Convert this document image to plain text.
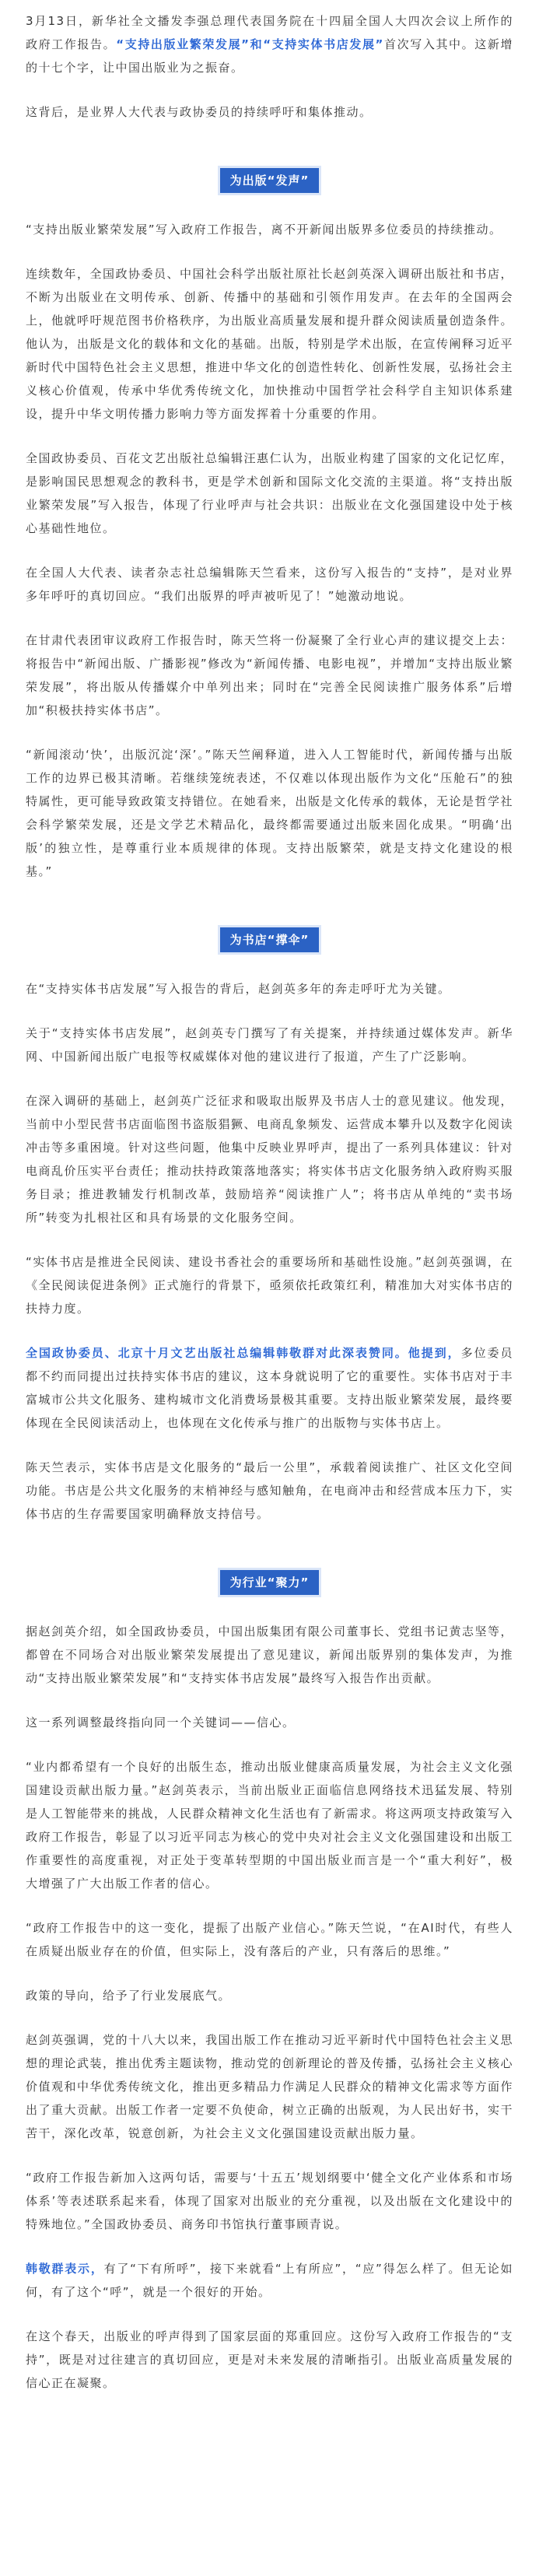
3月13日，新华社全文播发李强总理代表国务院在十四届全国人大四次会议上所作的政府工作报告。“支持出版业繁荣发展”和“支持实体书店发展”首次写入其中。这新增的十七个字，让中国出版业为之振奋。

这背后，是业界人大代表与政协委员的持续呼吁和集体推动。

为出版“发声”

“支持出版业繁荣发展”写入政府工作报告，离不开新闻出版界多位委员的持续推动。

连续数年，全国政协委员、中国社会科学出版社原社长赵剑英深入调研出版社和书店，不断为出版业在文明传承、创新、传播中的基础和引领作用发声。在去年的全国两会上，他就呼吁规范图书价格秩序，为出版业高质量发展和提升群众阅读质量创造条件。他认为，出版是文化的载体和文化的基础。出版，特别是学术出版，在宣传阐释习近平新时代中国特色社会主义思想，推进中华文化的创造性转化、创新性发展，弘扬社会主义核心价值观，传承中华优秀传统文化，加快推动中国哲学社会科学自主知识体系建设，提升中华文明传播力影响力等方面发挥着十分重要的作用。

全国政协委员、百花文艺出版社总编辑汪惠仁认为，出版业构建了国家的文化记忆库，是影响国民思想观念的教科书，更是学术创新和国际文化交流的主渠道。将“支持出版业繁荣发展”写入报告，体现了行业呼声与社会共识：出版业在文化强国建设中处于核心基础性地位。

在全国人大代表、读者杂志社总编辑陈天竺看来，这份写入报告的“支持”，是对业界多年呼吁的真切回应。“我们出版界的呼声被听见了！”她激动地说。

在甘肃代表团审议政府工作报告时，陈天竺将一份凝聚了全行业心声的建议提交上去：将报告中“新闻出版、广播影视”修改为“新闻传播、电影电视”，并增加“支持出版业繁荣发展”，将出版从传播媒介中单列出来；同时在“完善全民阅读推广服务体系”后增加“积极扶持实体书店”。

“新闻滚动‘快’，出版沉淀‘深’。”陈天竺阐释道，进入人工智能时代，新闻传播与出版工作的边界已极其清晰。若继续笼统表述，不仅难以体现出版作为文化“压舱石”的独特属性，更可能导致政策支持错位。在她看来，出版是文化传承的载体，无论是哲学社会科学繁荣发展，还是文学艺术精品化，最终都需要通过出版来固化成果。“明确‘出版’的独立性，是尊重行业本质规律的体现。支持出版繁荣，就是支持文化建设的根基。”

为书店“撑伞”

在“支持实体书店发展”写入报告的背后，赵剑英多年的奔走呼吁尤为关键。

关于“支持实体书店发展”，赵剑英专门撰写了有关提案，并持续通过媒体发声。新华网、中国新闻出版广电报等权威媒体对他的建议进行了报道，产生了广泛影响。

在深入调研的基础上，赵剑英广泛征求和吸取出版界及书店人士的意见建议。他发现，当前中小型民营书店面临图书盗版猖獗、电商乱象频发、运营成本攀升以及数字化阅读冲击等多重困境。针对这些问题，他集中反映业界呼声，提出了一系列具体建议：针对电商乱价压实平台责任；推动扶持政策落地落实；将实体书店文化服务纳入政府购买服务目录；推进教辅发行机制改革，鼓励培养“阅读推广人”；将书店从单纯的“卖书场所”转变为扎根社区和具有场景的文化服务空间。

“实体书店是推进全民阅读、建设书香社会的重要场所和基础性设施。”赵剑英强调，在《全民阅读促进条例》正式施行的背景下，亟须依托政策红利，精准加大对实体书店的扶持力度。

全国政协委员、北京十月文艺出版社总编辑韩敬群对此深表赞同。他提到，多位委员都不约而同提出过扶持实体书店的建议，这本身就说明了它的重要性。实体书店对于丰富城市公共文化服务、建构城市文化消费场景极其重要。支持出版业繁荣发展，最终要体现在全民阅读活动上，也体现在文化传承与推广的出版物与实体书店上。

陈天竺表示，实体书店是文化服务的“最后一公里”，承载着阅读推广、社区文化空间功能。书店是公共文化服务的末梢神经与感知触角，在电商冲击和经营成本压力下，实体书店的生存需要国家明确释放支持信号。

为行业“聚力”

据赵剑英介绍，如全国政协委员，中国出版集团有限公司董事长、党组书记黄志坚等，都曾在不同场合对出版业繁荣发展提出了意见建议，新闻出版界别的集体发声，为推动“支持出版业繁荣发展”和“支持实体书店发展”最终写入报告作出贡献。

这一系列调整最终指向同一个关键词——信心。

“业内都希望有一个良好的出版生态，推动出版业健康高质量发展，为社会主义文化强国建设贡献出版力量。”赵剑英表示，当前出版业正面临信息网络技术迅猛发展、特别是人工智能带来的挑战，人民群众精神文化生活也有了新需求。将这两项支持政策写入政府工作报告，彰显了以习近平同志为核心的党中央对社会主义文化强国建设和出版工作重要性的高度重视，对正处于变革转型期的中国出版业而言是一个“重大利好”，极大增强了广大出版工作者的信心。

“政府工作报告中的这一变化，提振了出版产业信心。”陈天竺说，“在AI时代，有些人在质疑出版业存在的价值，但实际上，没有落后的产业，只有落后的思维。”

政策的导向，给予了行业发展底气。

赵剑英强调，党的十八大以来，我国出版工作在推动习近平新时代中国特色社会主义思想的理论武装，推出优秀主题读物，推动党的创新理论的普及传播，弘扬社会主义核心价值观和中华优秀传统文化，推出更多精品力作满足人民群众的精神文化需求等方面作出了重大贡献。出版工作者一定要不负使命，树立正确的出版观，为人民出好书，实干苦干，深化改革，锐意创新，为社会主义文化强国建设贡献出版力量。

“政府工作报告新加入这两句话，需要与‘十五五’规划纲要中‘健全文化产业体系和市场体系’等表述联系起来看，体现了国家对出版业的充分重视，以及出版在文化建设中的特殊地位。”全国政协委员、商务印书馆执行董事顾青说。

韩敬群表示，有了“下有所呼”，接下来就看“上有所应”，“应”得怎么样了。但无论如何，有了这个“呼”，就是一个很好的开始。

在这个春天，出版业的呼声得到了国家层面的郑重回应。这份写入政府工作报告的“支持”，既是对过往建言的真切回应，更是对未来发展的清晰指引。出版业高质量发展的信心正在凝聚。
